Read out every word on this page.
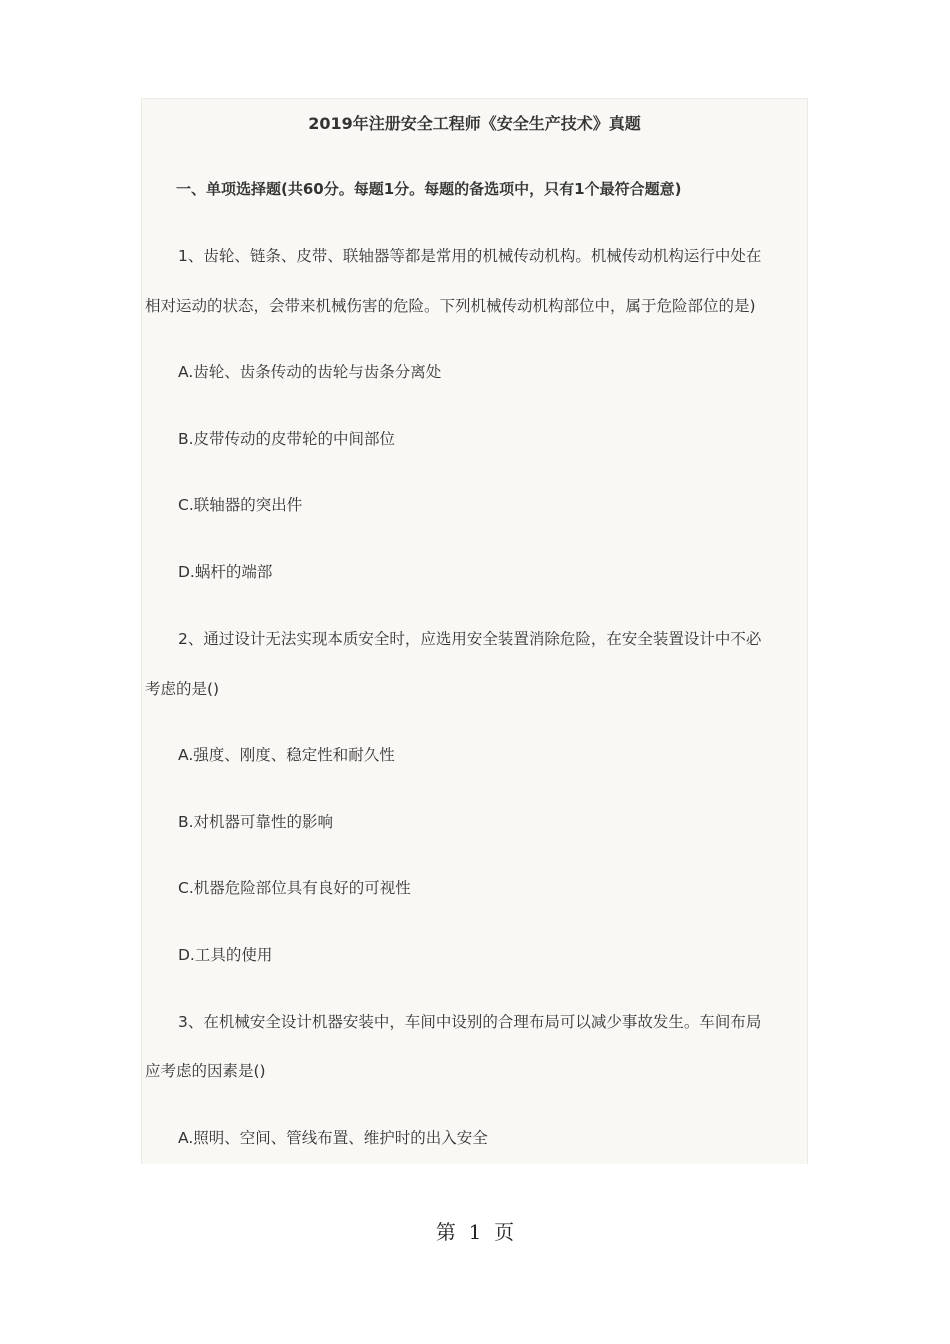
2019年注册安全工程师《安全生产技术》真题
一、单项选择题(共60分。每题1分。每题的备选项中，只有1个最符合题意)
1、齿轮、链条、皮带、联轴器等都是常用的机械传动机构。机械传动机构运行中处在
相对运动的状态，会带来机械伤害的危险。下列机械传动机构部位中，属于危险部位的是)
A.齿轮、齿条传动的齿轮与齿条分离处
B.皮带传动的皮带轮的中间部位
C.联轴器的突出件
D.蜗杆的端部
2、通过设计无法实现本质安全时，应选用安全装置消除危险，在安全装置设计中不必
考虑的是()
A.强度、刚度、稳定性和耐久性
B.对机器可靠性的影响
C.机器危险部位具有良好的可视性
D.工具的使用
3、在机械安全设计机器安装中，车间中设别的合理布局可以减少事故发生。车间布局
应考虑的因素是()
A.照明、空间、管线布置、维护时的出入安全
第  1  页
